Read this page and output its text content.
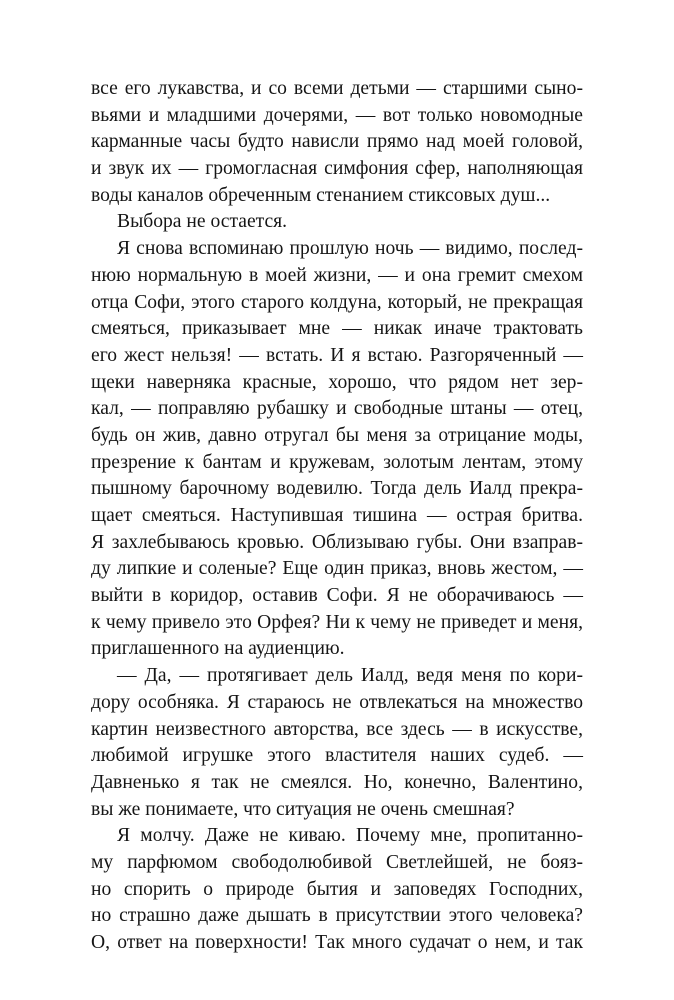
все его лукавства, и со всеми детьми — старшими сыно-
вьями и младшими дочерями, — вот только новомодные
карманные часы будто нависли прямо над моей головой,
и звук их — громогласная симфония сфер, наполняющая
воды каналов обреченным стенанием стиксовых душ...
Выбора не остается.
Я снова вспоминаю прошлую ночь — видимо, послед-
нюю нормальную в моей жизни, — и она гремит смехом
отца Софи, этого старого колдуна, который, не прекращая
смеяться, приказывает мне — никак иначе трактовать
его жест нельзя! — встать. И я встаю. Разгоряченный —
щеки наверняка красные, хорошо, что рядом нет зер-
кал, — поправляю рубашку и свободные штаны — отец,
будь он жив, давно отругал бы меня за отрицание моды,
презрение к бантам и кружевам, золотым лентам, этому
пышному барочному водевилю. Тогда дель Иалд прекра-
щает смеяться. Наступившая тишина — острая бритва.
Я захлебываюсь кровью. Облизываю губы. Они взаправ-
ду липкие и соленые? Еще один приказ, вновь жестом, —
выйти в коридор, оставив Софи. Я не оборачиваюсь —
к чему привело это Орфея? Ни к чему не приведет и меня,
приглашенного на аудиенцию.
— Да, — протягивает дель Иалд, ведя меня по кори-
дору особняка. Я стараюсь не отвлекаться на множество
картин неизвестного авторства, все здесь — в искусстве,
любимой игрушке этого властителя наших судеб. —
Давненько я так не смеялся. Но, конечно, Валентино,
вы же понимаете, что ситуация не очень смешная?
Я молчу. Даже не киваю. Почему мне, пропитанно-
му парфюмом свободолюбивой Светлейшей, не бояз-
но спорить о природе бытия и заповедях Господних,
но страшно даже дышать в присутствии этого человека?
О, ответ на поверхности! Так много судачат о нем, и так
